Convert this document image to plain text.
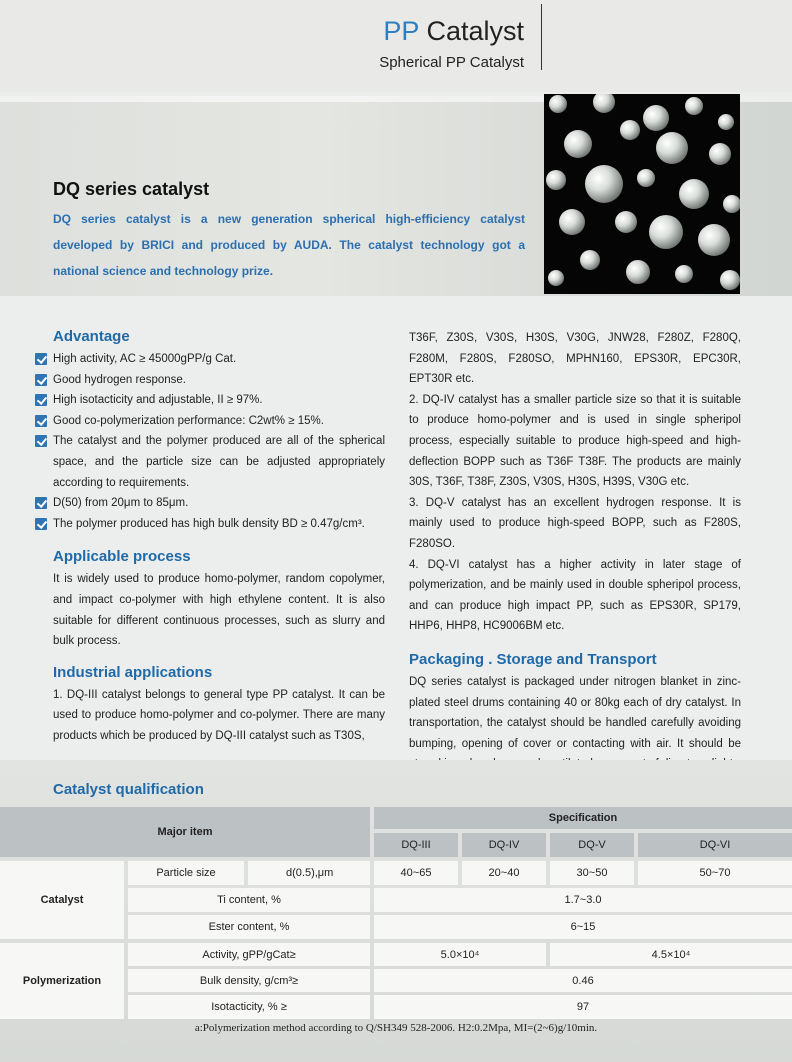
PP Catalyst
Spherical PP Catalyst
DQ series catalyst
DQ series catalyst is a new generation spherical high-efficiency catalyst developed by BRICI and produced by AUDA. The catalyst technology got a national science and technology prize.
Advantage
High activity, AC ≥ 45000gPP/g Cat.
Good hydrogen response.
High isotacticity and adjustable, II ≥ 97%.
Good co-polymerization performance: C2wt% ≥ 15%.
The catalyst and the polymer produced are all of the spherical space, and the particle size can be adjusted appropriately according to requirements.
D(50) from 20μm to 85μm.
The polymer produced has high bulk density BD ≥ 0.47g/cm³.
Applicable process
It is widely used to produce homo-polymer, random copolymer, and impact co-polymer with high ethylene content. It is also suitable for different continuous processes, such as slurry and bulk process.
Industrial applications
1. DQ-III catalyst belongs to general type PP catalyst. It can be used to produce homo-polymer and co-polymer. There are many products which be produced by DQ-III catalyst such as T30S,
T36F, Z30S, V30S, H30S, V30G, JNW28, F280Z, F280Q, F280M, F280S, F280SO, MPHN160, EPS30R, EPC30R, EPT30R etc.
2. DQ-IV catalyst has a smaller particle size so that it is suitable to produce homo-polymer and is used in single spheripol process, especially suitable to produce high-speed and high-deflection BOPP such as T36F T38F. The products are mainly 30S, T36F, T38F, Z30S, V30S, H30S, H39S, V30G etc.
3. DQ-V catalyst has an excellent hydrogen response. It is mainly used to produce high-speed BOPP, such as F280S, F280SO.
4. DQ-VI catalyst has a higher activity in later stage of polymerization, and be mainly used in double spheripol process, and can produce high impact PP, such as EPS30R, SP179, HHP6, HHP8, HC9006BM etc.
Packaging . Storage and Transport
DQ series catalyst is packaged under nitrogen blanket in zinc-plated steel drums containing 40 or 80kg each of dry catalyst. In transportation, the catalyst should be handled carefully avoiding bumping, opening of cover or contacting with air. It should be
Catalyst qualification
Major item
Specification
DQ-III	DQ-IV	DQ-V	DQ-VI
Catalyst
Particle size	d(0.5),μm	40~65	20~40	30~50	50~70
Ti content, %	1.7~3.0
Ester content, %	6~15
Polymerization
Activity, gPP/gCat≥	5.0×10⁴	4.5×10⁴
Bulk density, g/cm³≥	0.46
Isotacticity, % ≥	97
a:Polymerization method according to Q/SH349 528-2006. H2:0.2Mpa, MI=(2~6)g/10min.
